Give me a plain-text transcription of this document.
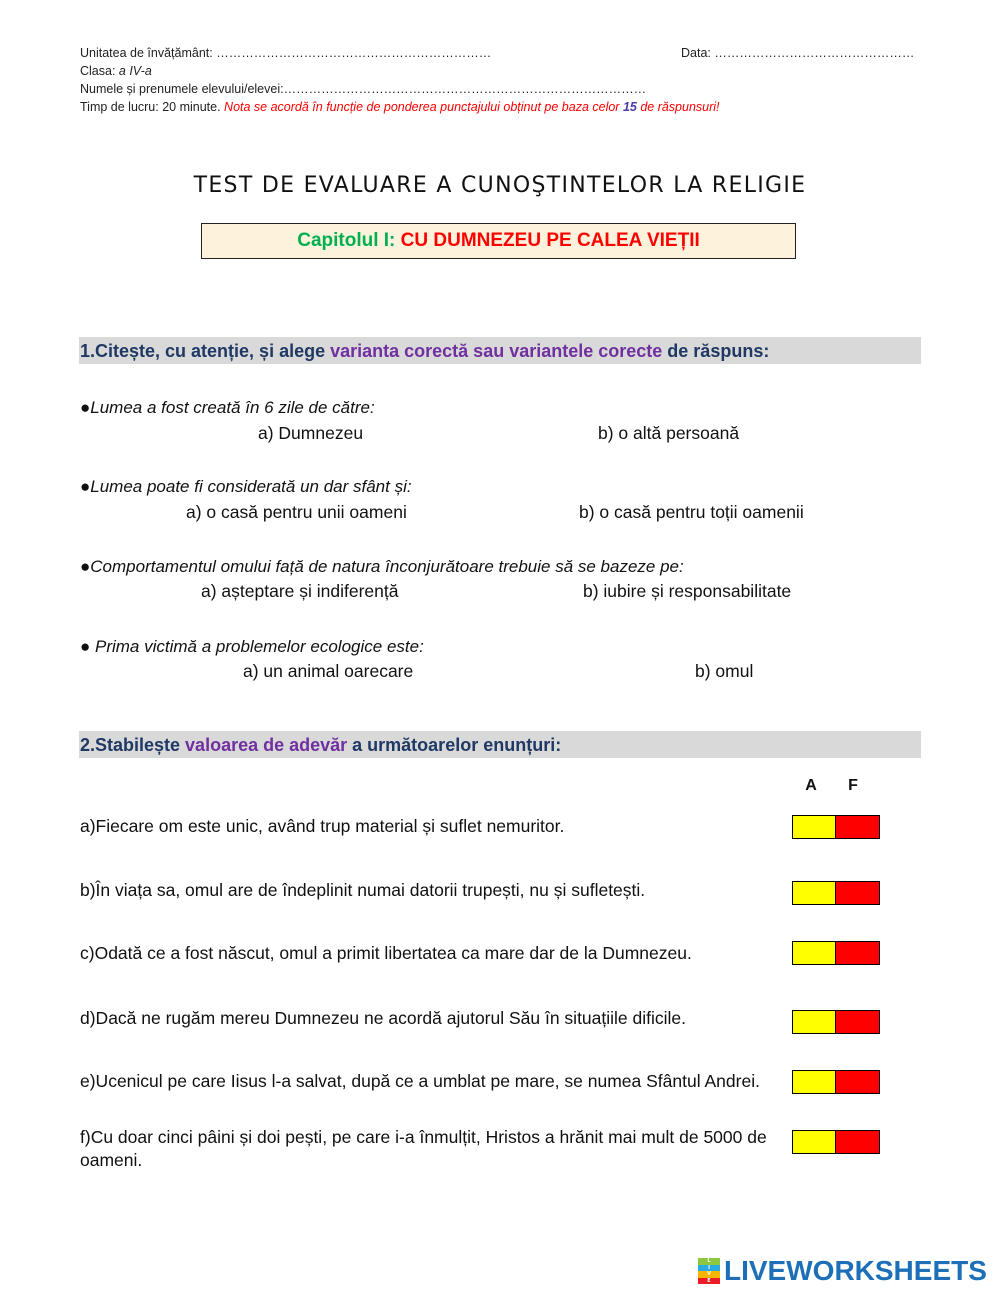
Unitatea de învățământ: …………………………………………………………	Data: …………………………………………
Clasa: a IV-a
Numele și prenumele elevului/elevei:……………………………………………………………………………
Timp de lucru: 20 minute. Nota se acordă în funcție de ponderea punctajului obținut pe baza celor 15 de răspunsuri!
TEST DE EVALUARE A CUNOŞTINTELOR LA RELIGIE
Capitolul I: CU DUMNEZEU PE CALEA VIEȚII
1.Citește, cu atenție, și alege varianta corectă sau variantele corecte de răspuns:
●Lumea a fost creată în 6 zile de către:
a) Dumnezeu	b) o altă persoană
●Lumea poate fi considerată un dar sfânt și:
a) o casă pentru unii oameni	b) o casă pentru toții oamenii
●Comportamentul omului față de natura înconjurătoare trebuie să se bazeze pe:
a) așteptare și indiferență	b) iubire și responsabilitate
● Prima victimă a problemelor ecologice este:
a) un animal oarecare	b) omul
2.Stabilește valoarea de adevăr a următoarelor enunțuri:
A F
a)Fiecare om este unic, având trup material și suflet nemuritor.
b)În viața sa, omul are de îndeplinit numai datorii trupești, nu și sufletești.
c)Odată ce a fost născut, omul a primit libertatea ca mare dar de la Dumnezeu.
d)Dacă ne rugăm mereu Dumnezeu ne acordă ajutorul Său în situațiile dificile.
e)Ucenicul pe care Iisus l-a salvat, după ce a umblat pe mare, se numea Sfântul Andrei.
f)Cu doar cinci pâini și doi pești, pe care i-a înmulțit, Hristos a hrănit mai mult de 5000 de oameni.
L
I
V
E LIVEWORKSHEETS
